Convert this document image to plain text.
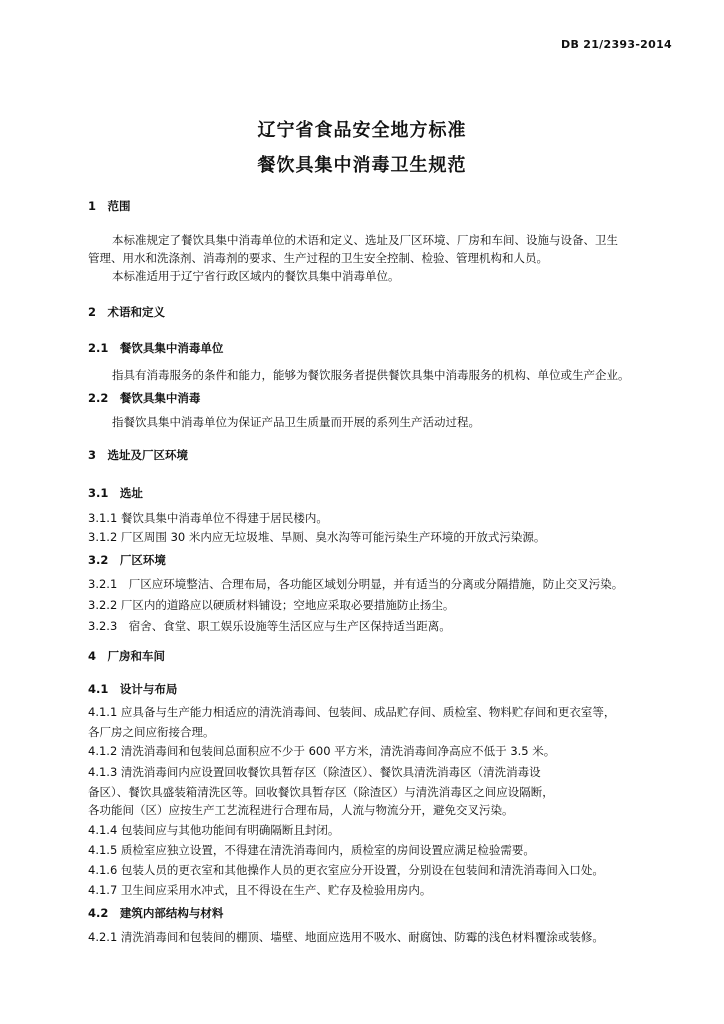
DB 21/2393-2014
辽宁省食品安全地方标准
餐饮具集中消毒卫生规范
1　范围
本标准规定了餐饮具集中消毒单位的术语和定义、选址及厂区环境、厂房和车间、设施与设备、卫生
管理、用水和洗涤剂、消毒剂的要求、生产过程的卫生安全控制、检验、管理机构和人员。
本标准适用于辽宁省行政区域内的餐饮具集中消毒单位。
2　术语和定义
2.1　餐饮具集中消毒单位
指具有消毒服务的条件和能力，能够为餐饮服务者提供餐饮具集中消毒服务的机构、单位或生产企业。
2.2　餐饮具集中消毒
指餐饮具集中消毒单位为保证产品卫生质量而开展的系列生产活动过程。
3　选址及厂区环境
3.1　选址
3.1.1 餐饮具集中消毒单位不得建于居民楼内。
3.1.2 厂区周围 30 米内应无垃圾堆、旱厕、臭水沟等可能污染生产环境的开放式污染源。
3.2　厂区环境
3.2.1　厂区应环境整洁、合理布局，各功能区域划分明显，并有适当的分离或分隔措施，防止交叉污染。
3.2.2 厂区内的道路应以硬质材料铺设；空地应采取必要措施防止扬尘。
3.2.3　宿舍、食堂、职工娱乐设施等生活区应与生产区保持适当距离。
4　厂房和车间
4.1　设计与布局
4.1.1 应具备与生产能力相适应的清洗消毒间、包装间、成品贮存间、质检室、物料贮存间和更衣室等，
各厂房之间应衔接合理。
4.1.2 清洗消毒间和包装间总面积应不少于 600 平方米，清洗消毒间净高应不低于 3.5 米。
4.1.3 清洗消毒间内应设置回收餐饮具暂存区（除渣区）、餐饮具清洗消毒区（清洗消毒设
备区）、餐饮具盛装箱清洗区等。回收餐饮具暂存区（除渣区）与清洗消毒区之间应设隔断，
各功能间（区）应按生产工艺流程进行合理布局，人流与物流分开，避免交叉污染。
4.1.4 包装间应与其他功能间有明确隔断且封闭。
4.1.5 质检室应独立设置，不得建在清洗消毒间内，质检室的房间设置应满足检验需要。
4.1.6 包装人员的更衣室和其他操作人员的更衣室应分开设置，分别设在包装间和清洗消毒间入口处。
4.1.7 卫生间应采用水冲式，且不得设在生产、贮存及检验用房内。
4.2　建筑内部结构与材料
4.2.1 清洗消毒间和包装间的棚顶、墙壁、地面应选用不吸水、耐腐蚀、防霉的浅色材料覆涂或装修。
